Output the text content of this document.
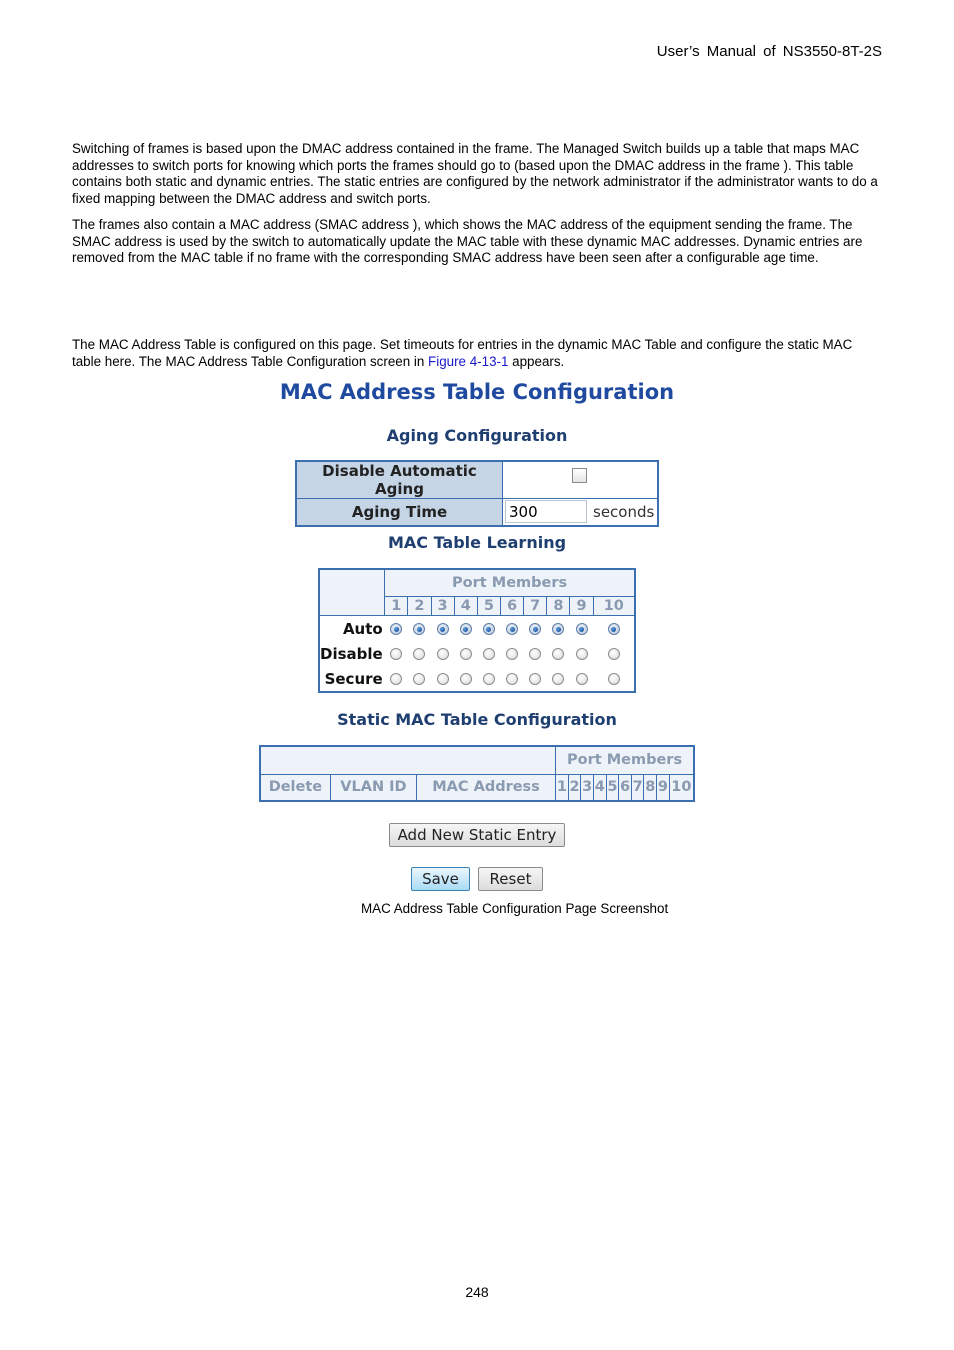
User’s Manual of NS3550-8T-2S

Switching of frames is based upon the DMAC address contained in the frame. The Managed Switch builds up a table that maps MAC addresses to switch ports for knowing which ports the frames should go to (based upon the DMAC address in the frame ). This table contains both static and dynamic entries. The static entries are configured by the network administrator if the administrator wants to do a fixed mapping between the DMAC address and switch ports.

The frames also contain a MAC address (SMAC address ), which shows the MAC address of the equipment sending the frame. The SMAC address is used by the switch to automatically update the MAC table with these dynamic MAC addresses. Dynamic entries are removed from the MAC table if no frame with the corresponding SMAC address have been seen after a configurable age time.

The MAC Address Table is configured on this page. Set timeouts for entries in the dynamic MAC Table and configure the static MAC table here. The MAC Address Table Configuration screen in Figure 4-13-1 appears.

MAC Address Table Configuration
Aging Configuration
Disable Automatic Aging	

Aging Time	300 seconds
MAC Table Learning
	Port Members									
	1	2	3	4	5	6	7	8	9	10
Auto										
Disable										
Secure										
Static MAC Table Configuration
			Port Members									
Delete	VLAN ID	MAC Address	1	2	3	4	5	6	7	8	9	10
Add New Static Entry
Save	Reset
MAC Address Table Configuration Page Screenshot
248
